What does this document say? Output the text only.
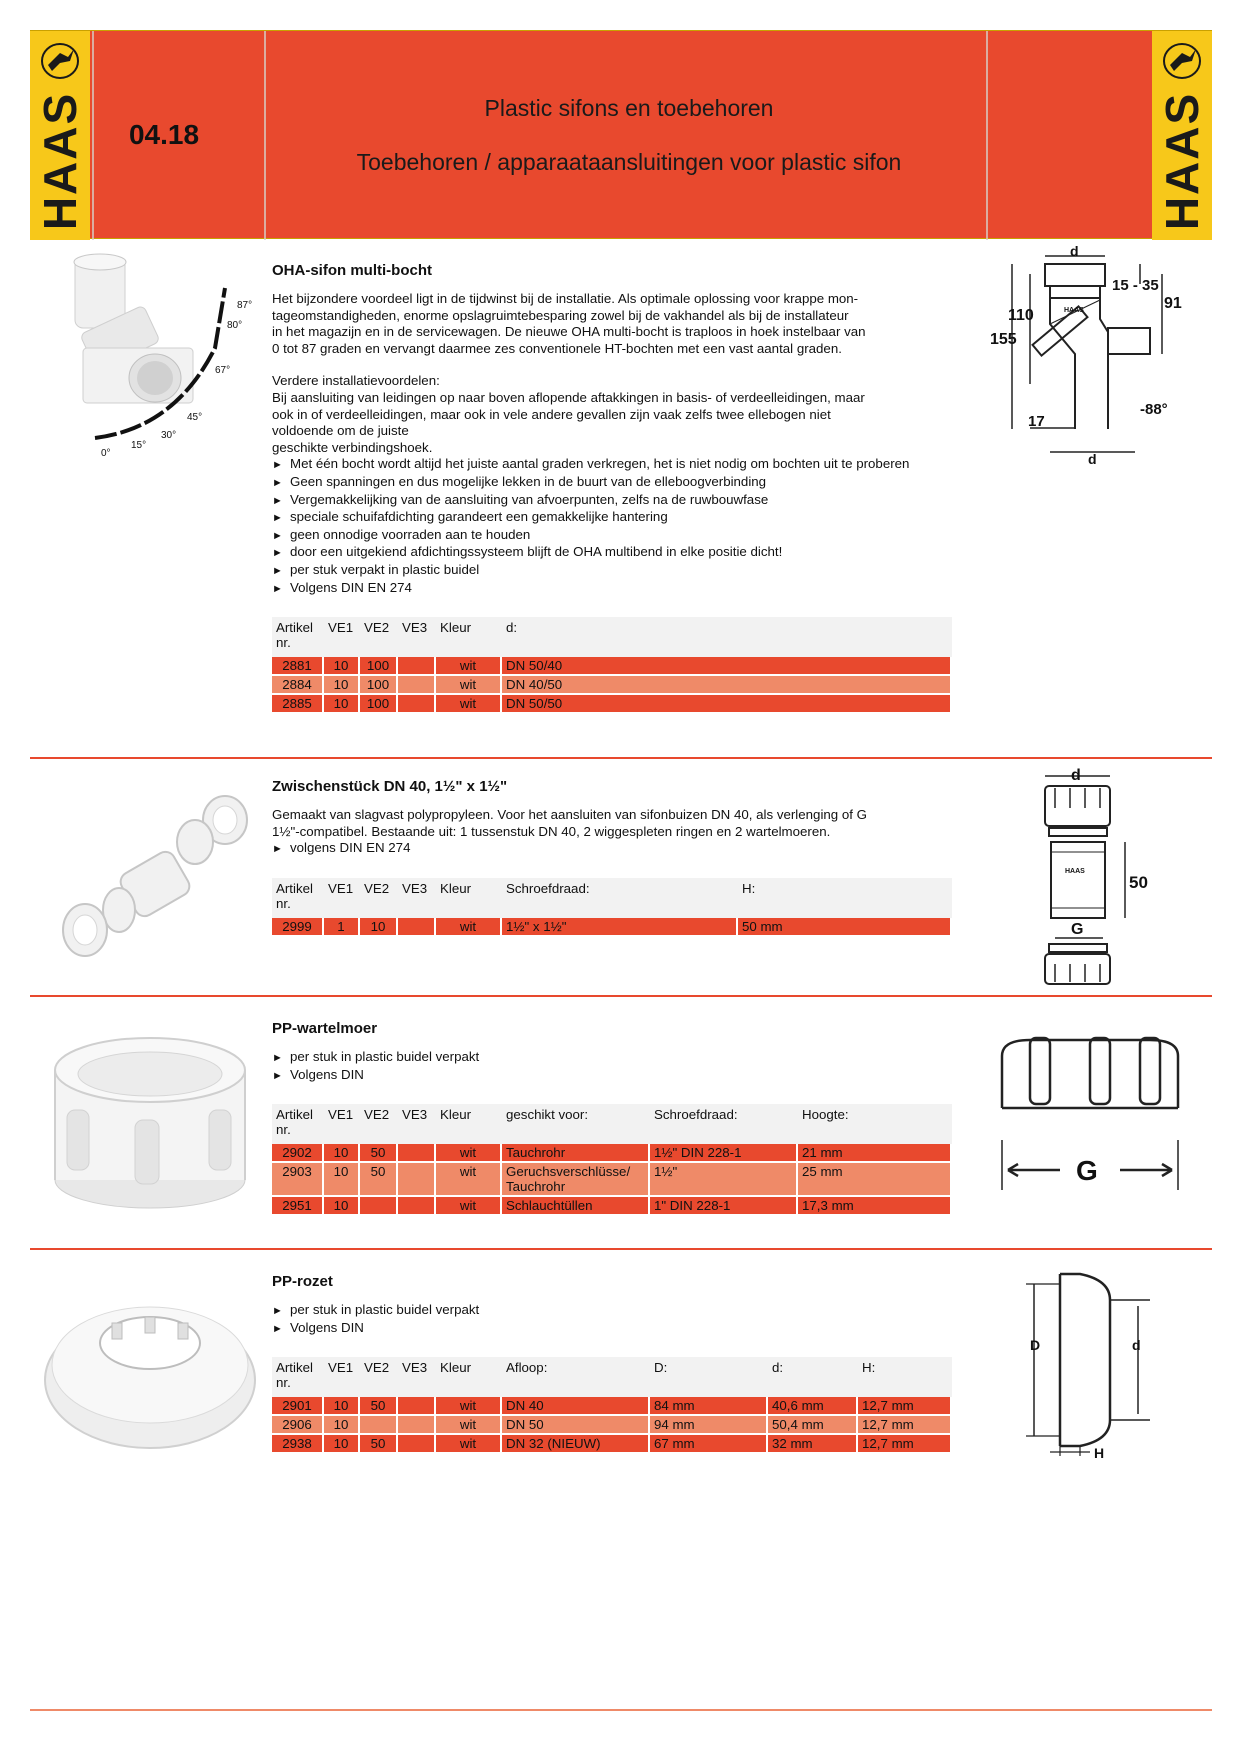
HAAS	04.18
Plastic sifons en toebehoren
Toebehoren / apparaataansluitingen voor plastic sifon	HAAS
0°
15°
30°
45°
67°
80°
87°
OHA-sifon multi-bocht
Het bijzondere voordeel ligt in de tijdwinst bij de installatie. Als optimale oplossing voor krappe mon-
tageomstandigheden, enorme opslagruimtebesparing zowel bij de vakhandel als bij de installateur
in het magazijn en in de servicewagen. De nieuwe OHA multi-bocht is traploos in hoek instelbaar van
0 tot 87 graden en vervangt daarmee zes conventionele HT-bochten met een vast aantal graden.
Verdere installatievoordelen:
Bij aansluiting van leidingen op naar boven aflopende aftakkingen in basis- of verdeelleidingen, maar
ook in of verdeelleidingen, maar ook in vele andere gevallen zijn vaak zelfs twee ellebogen niet
voldoende om de juiste
geschikte verbindingshoek.
► Met één bocht wordt altijd het juiste aantal graden verkregen, het is niet nodig om bochten uit te proberen
► Geen spanningen en dus mogelijke lekken in de buurt van de elleboogverbinding
► Vergemakkelijking van de aansluiting van afvoerpunten, zelfs na de ruwbouwfase
► speciale schuifafdichting garandeert een gemakkelijke hantering
► geen onnodige voorraden aan te houden
► door een uitgekiend afdichtingssysteem blijft de OHA multibend in elke positie dicht!
► per stuk verpakt in plastic buidel
► Volgens DIN EN 274
Artikel nr.	VE1	VE2	VE3	Kleur	d:
2881	10	100		wit	DN 50/40
2884	10	100		wit	DN 40/50
2885	10	100		wit	DN 50/50
d
HAAS
110
155
15 - 35
91
17
-88°
d
Zwischenstück DN 40, 1½" x 1½"
Gemaakt van slagvast polypropyleen. Voor het aansluiten van sifonbuizen DN 40, als verlenging of G
1½"-compatibel. Bestaande uit: 1 tussenstuk DN 40, 2 wiggespleten ringen en 2 wartelmoeren.
► volgens DIN EN 274
Artikel nr.	VE1	VE2	VE3	Kleur	Schroefdraad:	H:
2999	1	10		wit	1½" x 1½"	50 mm
d
HAAS
50
G
PP-wartelmoer
► per stuk in plastic buidel verpakt
► Volgens DIN
Artikel nr.	VE1	VE2	VE3	Kleur	geschikt voor:	Schroefdraad:	Hoogte:
2902	10	50		wit	Tauchrohr	1½" DIN 228-1	21 mm
2903	10	50		wit	Geruchsverschlüsse/ Tauchrohr	1½"	25 mm
2951	10			wit	Schlauchtüllen	1" DIN 228-1	17,3 mm
G
PP-rozet
► per stuk in plastic buidel verpakt
► Volgens DIN
Artikel nr.	VE1	VE2	VE3	Kleur	Afloop:	D:	d:	H:
2901	10	50		wit	DN 40	84 mm	40,6 mm	12,7 mm
2906	10			wit	DN 50	94 mm	50,4 mm	12,7 mm
2938	10	50		wit	DN 32 (NIEUW)	67 mm	32 mm	12,7 mm
D	d
H
